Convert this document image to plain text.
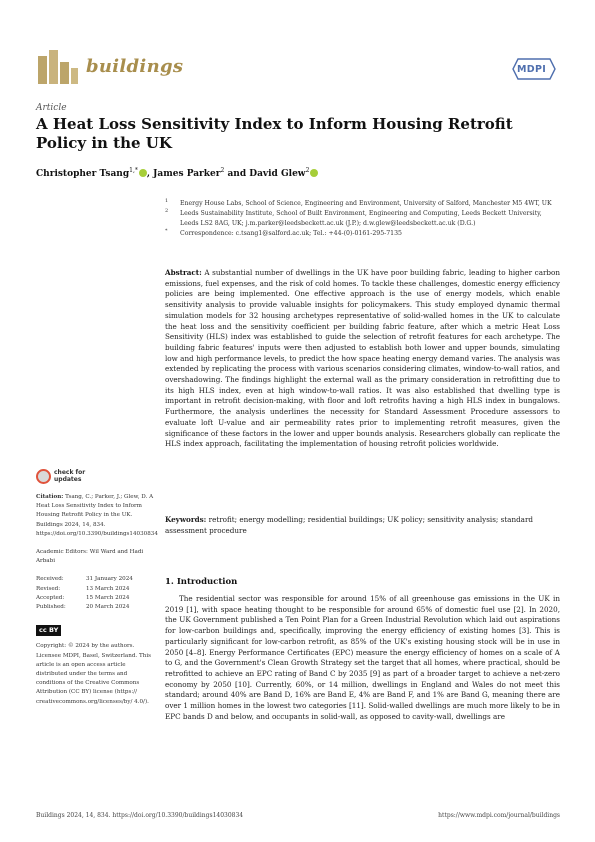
buildings	MDPI
Article
A Heat Loss Sensitivity Index to Inform Housing Retrofit Policy in the UK
Christopher Tsang$^{1,*}$ , James Parker$^2$ and David Glew$^2$
1 Energy House Labs, School of Science, Engineering and Environment, University of Salford, Manchester M5 4WT, UK
2 Leeds Sustainability Institute, School of Built Environment, Engineering and Computing, Leeds Beckett University, Leeds LS2 8AG, UK; j.m.parker@leedsbeckett.ac.uk (J.P.); d.w.glew@leedsbeckett.ac.uk (D.G.)
* Correspondence: c.tsang1@salford.ac.uk; Tel.: +44-(0)-0161-295-7135
Abstract: A substantial number of dwellings in the UK have poor building fabric, leading to higher carbon emissions, fuel expenses, and the risk of cold homes. To tackle these challenges, domestic energy efficiency policies are being implemented. One effective approach is the use of energy models, which enable sensitivity analysis to provide valuable insights for policymakers. This study employed dynamic thermal simulation models for 32 housing archetypes representative of solid-walled homes in the UK to calculate the heat loss and the sensitivity coefficient per building fabric feature, after which a metric Heat Loss Sensitivity (HLS) index was established to guide the selection of retrofit features for each archetype. The building fabric features' inputs were then adjusted to establish both lower and upper bounds, simulating low and high performance levels, to predict the how space heating energy demand varies. The analysis was extended by replicating the process with various scenarios considering climates, window-to-wall ratios, and overshadowing. The findings highlight the external wall as the primary consideration in retrofitting due to its high HLS index, even at high window-to-wall ratios. It was also established that dwelling type is important in retrofit decision-making, with floor and loft retrofits having a high HLS index in bungalows. Furthermore, the analysis underlines the necessity for Standard Assessment Procedure assessors to evaluate loft U-value and air permeability rates prior to implementing retrofit measures, given the significance of these factors in the lower and upper bounds analysis. Researchers globally can replicate the HLS index approach, facilitating the implementation of housing retrofit policies worldwide.
Keywords: retrofit; energy modelling; residential buildings; UK policy; sensitivity analysis; standard assessment procedure
check for updates
Citation: Tsang, C.; Parker, J.; Glew, D. A Heat Loss Sensitivity Index to Inform Housing Retrofit Policy in the UK. Buildings 2024, 14, 834. https://doi.org/10.3390/buildings14030834
Academic Editors: Wil Ward and Hadi Arbabi
Received:	31 January 2024
Revised:	13 March 2024
Accepted:	15 March 2024
Published:	20 March 2024
cc BY
Copyright: © 2024 by the authors. Licensee MDPI, Basel, Switzerland. This article is an open access article distributed under the terms and conditions of the Creative Commons Attribution (CC BY) license (https:// creativecommons.org/licenses/by/ 4.0/).
1. Introduction
The residential sector was responsible for around 15% of all greenhouse gas emissions in the UK in 2019 [1], with space heating thought to be responsible for around 65% of domestic fuel use [2]. In 2020, the UK Government published a Ten Point Plan for a Green Industrial Revolution which laid out aspirations for low-carbon buildings and, specifically, improving the energy efficiency of existing homes [3]. This is particularly significant for low-carbon retrofit, as 85% of the UK's existing housing stock will be in use in 2050 [4–8]. Energy Performance Certificates (EPC) measure the energy efficiency of homes on a scale of A to G, and the Government's Clean Growth Strategy set the target that all homes, where practical, should be retrofitted to achieve an EPC rating of Band C by 2035 [9] as part of a broader target to achieve a net-zero economy by 2050 [10]. Currently, 60%, or 14 million, dwellings in England and Wales do not meet this standard; around 40% are Band D, 16% are Band E, 4% are Band F, and 1% are Band G, meaning there are over 1 million homes in the lowest two categories [11]. Solid-walled dwellings are much more likely to be in EPC bands D and below, and occupants in solid-wall, as opposed to cavity-wall, dwellings are
Buildings 2024, 14, 834. https://doi.org/10.3390/buildings14030834	https://www.mdpi.com/journal/buildings
